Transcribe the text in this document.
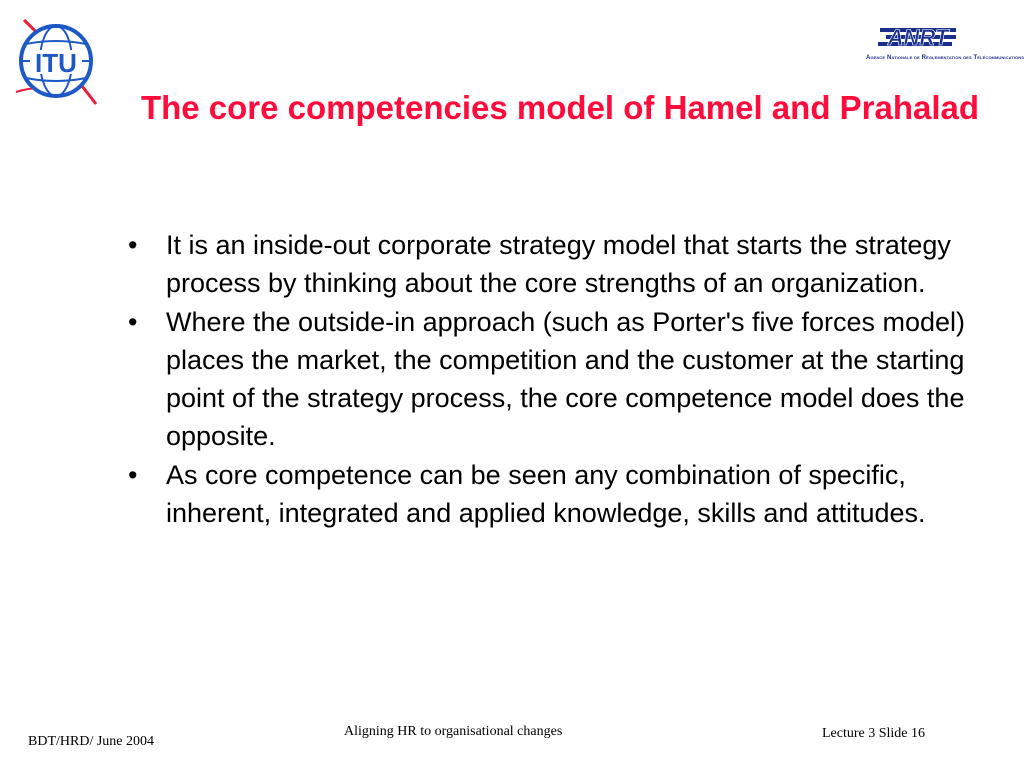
ITU
ANRT
Agence Nationale de Réglementation des Télécommunications
The core competencies model of Hamel and Prahalad
• It is an inside-out corporate strategy model that starts the strategy process by thinking about the core strengths of an organization.
• Where the outside-in approach (such as Porter's five forces model) places the market, the competition and the customer at the starting point of the strategy process, the core competence model does the opposite.
• As core competence can be seen any combination of specific, inherent, integrated and applied knowledge, skills and attitudes.
BDT/HRD/ June 2004
Aligning HR to organisational changes	Lecture 3 Slide 16
